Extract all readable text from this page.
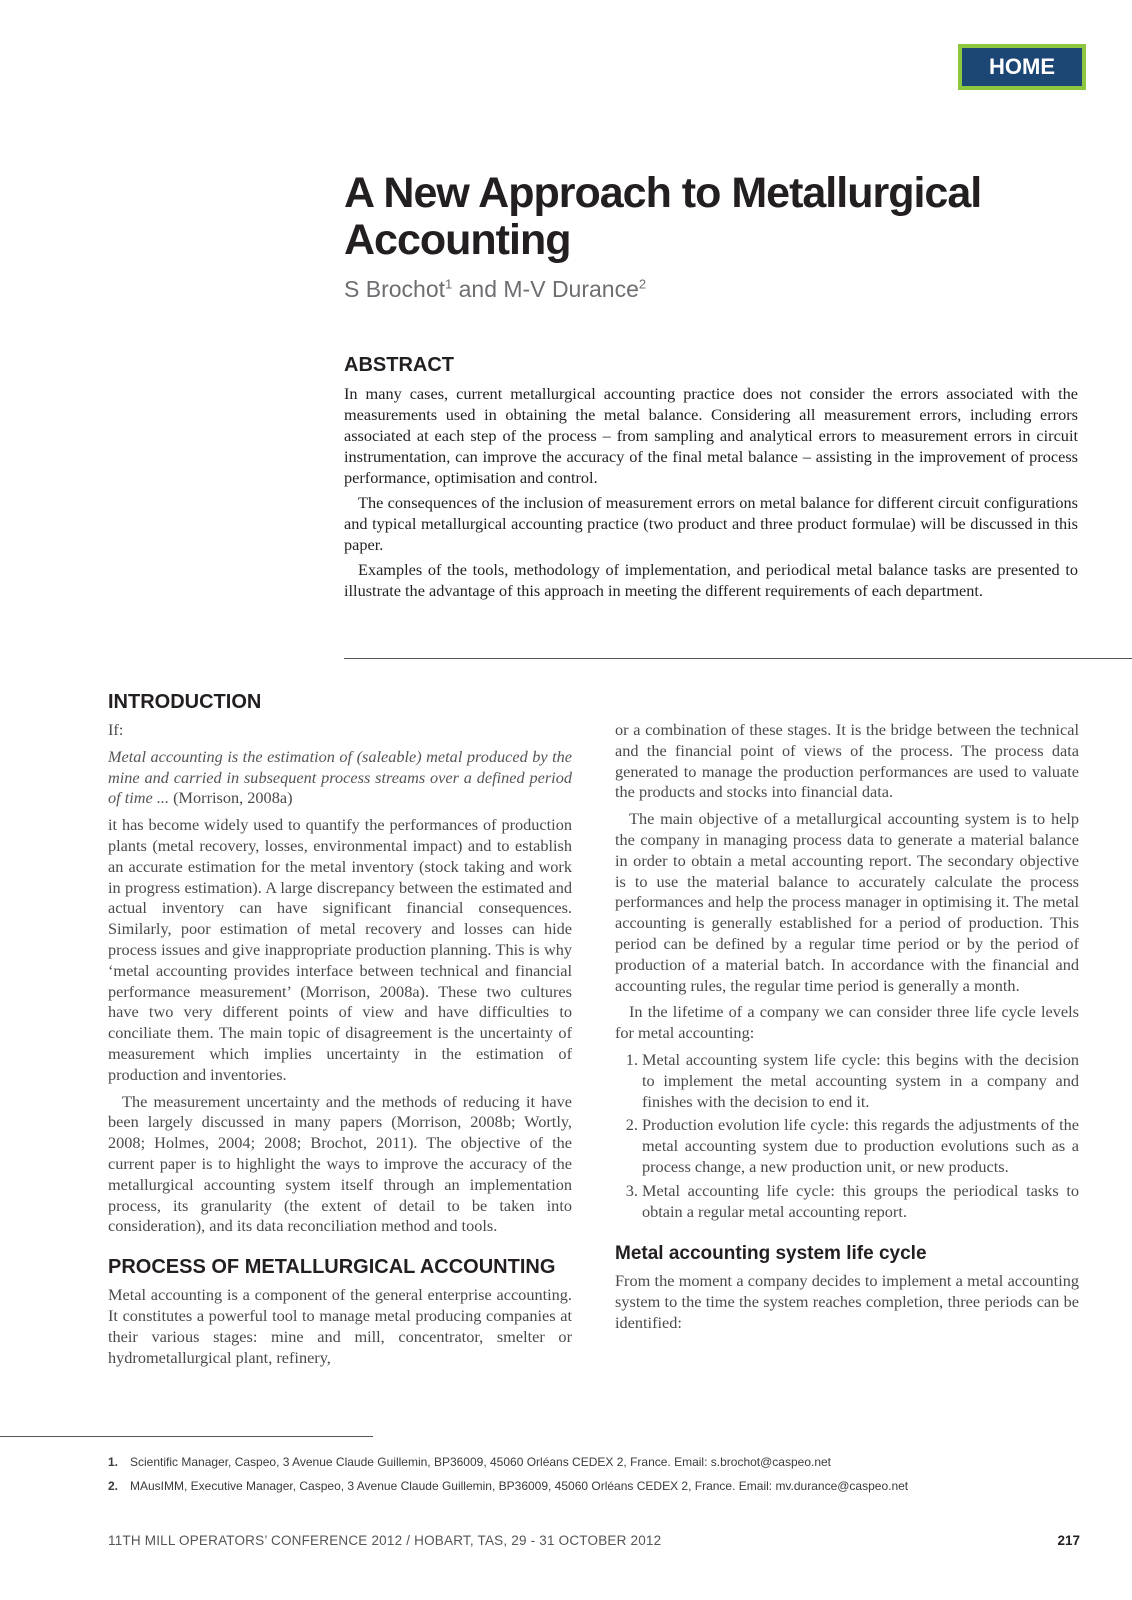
HOME
A New Approach to Metallurgical Accounting
S Brochot$^1$ and M-V Durance$^2$
ABSTRACT

In many cases, current metallurgical accounting practice does not consider the errors associated with the measurements used in obtaining the metal balance. Considering all measurement errors, including errors associated at each step of the process – from sampling and analytical errors to measurement errors in circuit instrumentation, can improve the accuracy of the final metal balance – assisting in the improvement of process performance, optimisation and control.

The consequences of the inclusion of measurement errors on metal balance for different circuit configurations and typical metallurgical accounting practice (two product and three product formulae) will be discussed in this paper.

Examples of the tools, methodology of implementation, and periodical metal balance tasks are presented to illustrate the advantage of this approach in meeting the different requirements of each department.

INTRODUCTION

If:

Metal accounting is the estimation of (saleable) metal produced by the mine and carried in subsequent process streams over a defined period of time ... (Morrison, 2008a)

it has become widely used to quantify the performances of production plants (metal recovery, losses, environmental impact) and to establish an accurate estimation for the metal inventory (stock taking and work in progress estimation). A large discrepancy between the estimated and actual inventory can have significant financial consequences. Similarly, poor estimation of metal recovery and losses can hide process issues and give inappropriate production planning. This is why ‘metal accounting provides interface between technical and financial performance measurement’ (Morrison, 2008a). These two cultures have two very different points of view and have difficulties to conciliate them. The main topic of disagreement is the uncertainty of measurement which implies uncertainty in the estimation of production and inventories.

The measurement uncertainty and the methods of reducing it have been largely discussed in many papers (Morrison, 2008b; Wortly, 2008; Holmes, 2004; 2008; Brochot, 2011). The objective of the current paper is to highlight the ways to improve the accuracy of the metallurgical accounting system itself through an implementation process, its granularity (the extent of detail to be taken into consideration), and its data reconciliation method and tools.

PROCESS OF METALLURGICAL ACCOUNTING

Metal accounting is a component of the general enterprise accounting. It constitutes a powerful tool to manage metal producing companies at their various stages: mine and mill, concentrator, smelter or hydrometallurgical plant, refinery,

or a combination of these stages. It is the bridge between the technical and the financial point of views of the process. The process data generated to manage the production performances are used to valuate the products and stocks into financial data.

The main objective of a metallurgical accounting system is to help the company in managing process data to generate a material balance in order to obtain a metal accounting report. The secondary objective is to use the material balance to accurately calculate the process performances and help the process manager in optimising it. The metal accounting is generally established for a period of production. This period can be defined by a regular time period or by the period of production of a material batch. In accordance with the financial and accounting rules, the regular time period is generally a month.

In the lifetime of a company we can consider three life cycle levels for metal accounting:

1. Metal accounting system life cycle: this begins with the decision to implement the metal accounting system in a company and finishes with the decision to end it.
2. Production evolution life cycle: this regards the adjustments of the metal accounting system due to production evolutions such as a process change, a new production unit, or new products.
3. Metal accounting life cycle: this groups the periodical tasks to obtain a regular metal accounting report.
Metal accounting system life cycle

From the moment a company decides to implement a metal accounting system to the time the system reaches completion, three periods can be identified:

1. Scientific Manager, Caspeo, 3 Avenue Claude Guillemin, BP36009, 45060 Orléans CEDEX 2, France. Email: s.brochot@caspeo.net
2. MAusIMM, Executive Manager, Caspeo, 3 Avenue Claude Guillemin, BP36009, 45060 Orléans CEDEX 2, France. Email: mv.durance@caspeo.net
11TH MILL OPERATORS’ CONFERENCE 2012 / HOBART, TAS, 29 - 31 OCTOBER 2012	217
